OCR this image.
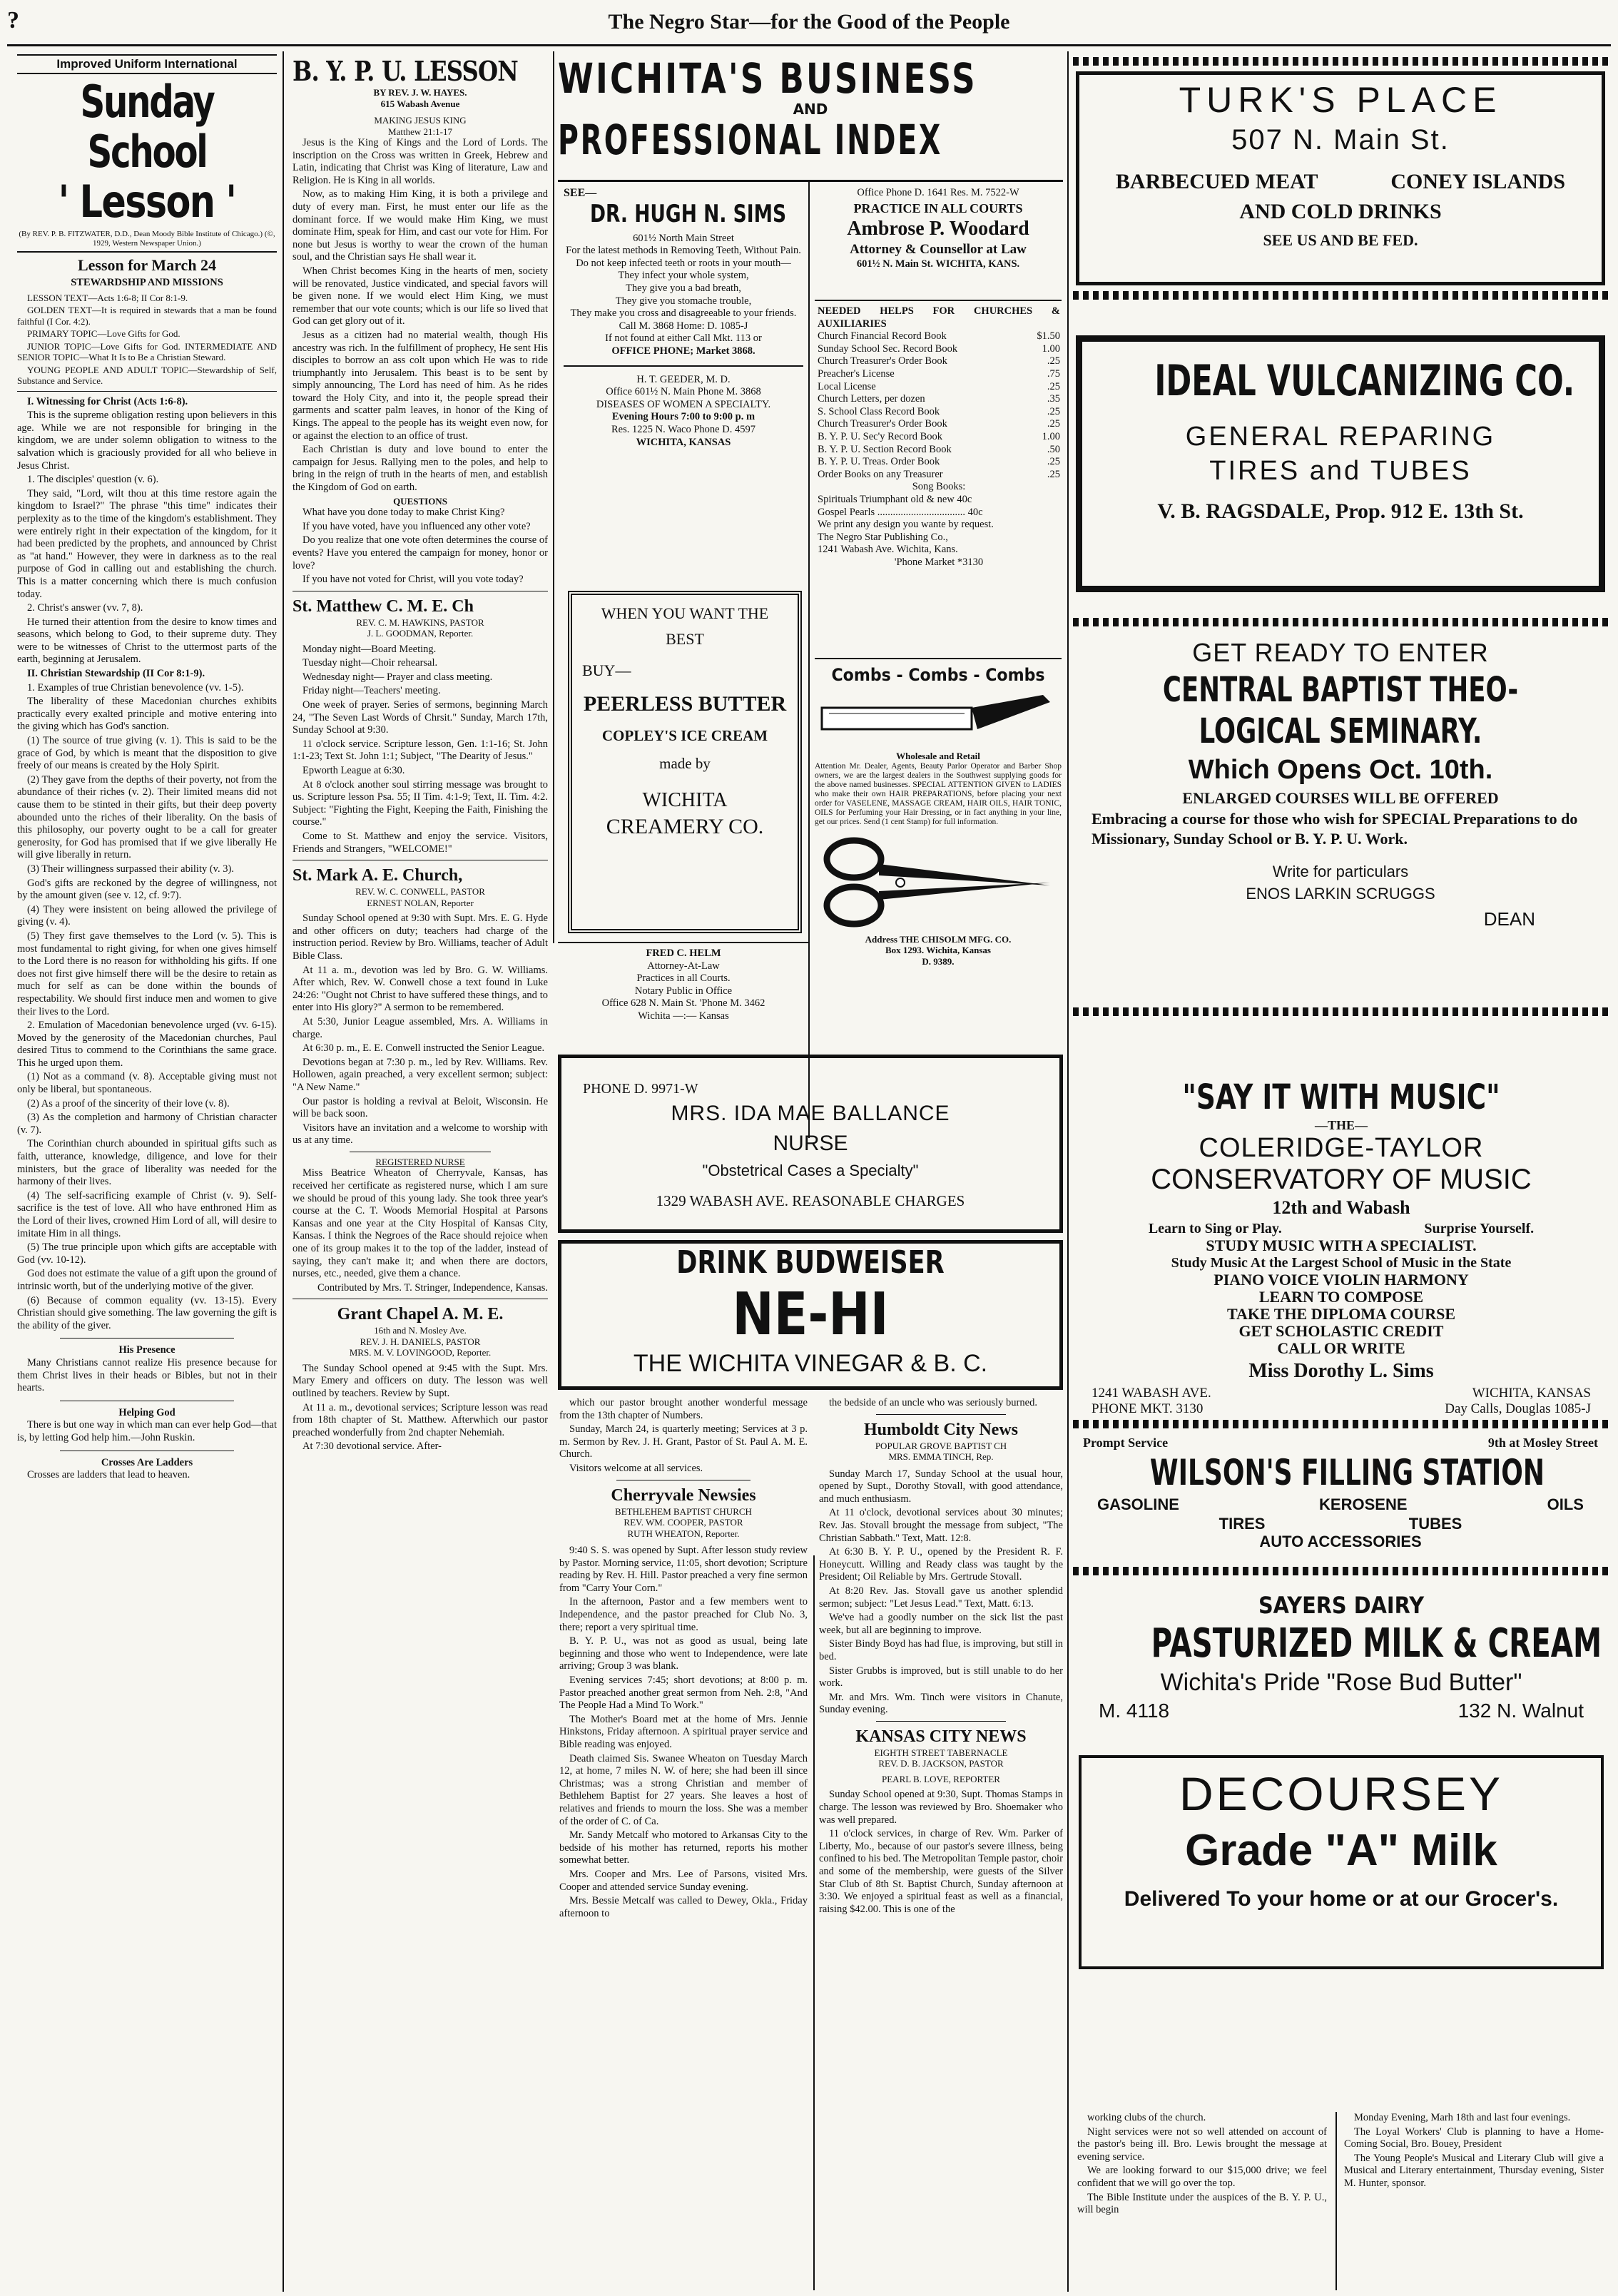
?	The Negro Star—for the Good of the People
Improved Uniform International
Sunday School
' Lesson '
(By REV. P. B. FITZWATER, D.D., Dean Moody Bible Institute of Chicago.) (©, 1929, Western Newspaper Union.)
Lesson for March 24
STEWARDSHIP AND MISSIONS

LESSON TEXT—Acts 1:6-8; II Cor 8:1-9.

GOLDEN TEXT—It is required in stewards that a man be found faithful (I Cor. 4:2).

PRIMARY TOPIC—Love Gifts for God.

JUNIOR TOPIC—Love Gifts for God. INTERMEDIATE AND SENIOR TOPIC—What It Is to Be a Christian Steward.

YOUNG PEOPLE AND ADULT TOPIC—Stewardship of Self, Substance and Service.

I. Witnessing for Christ (Acts 1:6-8).

This is the supreme obligation resting upon believers in this age. While we are not responsible for bringing in the kingdom, we are under solemn obligation to witness to the salvation which is graciously provided for all who believe in Jesus Christ.

1. The disciples' question (v. 6).

They said, "Lord, wilt thou at this time restore again the kingdom to Israel?" The phrase "this time" indicates their perplexity as to the time of the kingdom's establishment. They were entirely right in their expectation of the kingdom, for it had been predicted by the prophets, and announced by Christ as "at hand." However, they were in darkness as to the real purpose of God in calling out and establishing the church. This is a matter concerning which there is much confusion today.

2. Christ's answer (vv. 7, 8).

He turned their attention from the desire to know times and seasons, which belong to God, to their supreme duty. They were to be witnesses of Christ to the uttermost parts of the earth, beginning at Jerusalem.

II. Christian Stewardship (II Cor 8:1-9).

1. Examples of true Christian benevolence (vv. 1-5).

The liberality of these Macedonian churches exhibits practically every exalted principle and motive entering into the giving which has God's sanction.

(1) The source of true giving (v. 1). This is said to be the grace of God, by which is meant that the disposition to give freely of our means is created by the Holy Spirit.

(2) They gave from the depths of their poverty, not from the abundance of their riches (v. 2). Their limited means did not cause them to be stinted in their gifts, but their deep poverty abounded unto the riches of their liberality. On the basis of this philosophy, our poverty ought to be a call for greater generosity, for God has promised that if we give liberally He will give liberally in return.

(3) Their willingness surpassed their ability (v. 3).

God's gifts are reckoned by the degree of willingness, not by the amount given (see v. 12, cf. 9:7).

(4) They were insistent on being allowed the privilege of giving (v. 4).

(5) They first gave themselves to the Lord (v. 5). This is most fundamental to right giving, for when one gives himself to the Lord there is no reason for withholding his gifts. If one does not first give himself there will be the desire to retain as much for self as can be done within the bounds of respectability. We should first induce men and women to give their lives to the Lord.

2. Emulation of Macedonian benevolence urged (vv. 6-15). Moved by the generosity of the Macedonian churches, Paul desired Titus to commend to the Corinthians the same grace. This he urged upon them.

(1) Not as a command (v. 8). Acceptable giving must not only be liberal, but spontaneous.

(2) As a proof of the sincerity of their love (v. 8).

(3) As the completion and harmony of Christian character (v. 7).

The Corinthian church abounded in spiritual gifts such as faith, utterance, knowledge, diligence, and love for their ministers, but the grace of liberality was needed for the harmony of their lives.

(4) The self-sacrificing example of Christ (v. 9). Self-sacrifice is the test of love. All who have enthroned Him as the Lord of their lives, crowned Him Lord of all, will desire to imitate Him in all things.

(5) The true principle upon which gifts are acceptable with God (vv. 10-12).

God does not estimate the value of a gift upon the ground of intrinsic worth, but of the underlying motive of the giver.

(6) Because of common equality (vv. 13-15). Every Christian should give something. The law governing the gift is the ability of the giver.

His Presence

Many Christians cannot realize His presence because for them Christ lives in their heads or Bibles, but not in their hearts.

Helping God

There is but one way in which man can ever help God—that is, by letting God help him.—John Ruskin.

Crosses Are Ladders

Crosses are ladders that lead to heaven.

B. Y. P. U. LESSON
BY REV. J. W. HAYES.
615 Wabash Avenue
MAKING JESUS KING
Matthew 21:1-17

Jesus is the King of Kings and the Lord of Lords. The inscription on the Cross was written in Greek, Hebrew and Latin, indicating that Christ was King of literature, Law and Religion. He is King in all worlds.

Now, as to making Him King, it is both a privilege and duty of every man. First, he must enter our life as the dominant force. If we would make Him King, we must dominate Him, speak for Him, and cast our vote for Him. For none but Jesus is worthy to wear the crown of the human soul, and the Christian says He shall wear it.

When Christ becomes King in the hearts of men, society will be renovated, Justice vindicated, and special favors will be given none. If we would elect Him King, we must remember that our vote counts; which is our life so lived that God can get glory out of it.

Jesus as a citizen had no material wealth, though His ancestry was rich. In the fulfillment of prophecy, He sent His disciples to borrow an ass colt upon which He was to ride triumphantly into Jerusalem. This beast is to be sent by simply announcing, The Lord has need of him. As he rides toward the Holy City, and into it, the people spread their garments and scatter palm leaves, in honor of the King of Kings. The appeal to the people has its weight even now, for or against the election to an office of trust.

Each Christian is duty and love bound to enter the campaign for Jesus. Rallying men to the poles, and help to bring in the reign of truth in the hearts of men, and establish the Kingdom of God on earth.

QUESTIONS

What have you done today to make Christ King?

If you have voted, have you influenced any other vote?

Do you realize that one vote often determines the course of events? Have you entered the campaign for money, honor or love?

If you have not voted for Christ, will you vote today?

St. Matthew C. M. E. Ch
REV. C. M. HAWKINS, PASTOR
J. L. GOODMAN, Reporter.

Monday night—Board Meeting.

Tuesday night—Choir rehearsal.

Wednesday night— Prayer and class meeting.

Friday night—Teachers' meeting.

One week of prayer. Series of sermons, beginning March 24, "The Seven Last Words of Chrsit." Sunday, March 17th, Sunday School at 9:30.

11 o'clock service. Scripture lesson, Gen. 1:1-16; St. John 1:1-23; Text St. John 1:1; Subject, "The Dearity of Jesus."

Epworth League at 6:30.

At 8 o'clock another soul stirring message was brought to us. Scripture lesson Psa. 55; II Tim. 4:1-9; Text, II. Tim. 4:2. Subject: "Fighting the Fight, Keeping the Faith, Finishing the course."

Come to St. Matthew and enjoy the service. Visitors, Friends and Strangers, "WELCOME!"

St. Mark A. E. Church,
REV. W. C. CONWELL, PASTOR
ERNEST NOLAN, Reporter

Sunday School opened at 9:30 with Supt. Mrs. E. G. Hyde and other officers on duty; teachers had charge of the instruction period. Review by Bro. Williams, teacher of Adult Bible Class.

At 11 a. m., devotion was led by Bro. G. W. Williams. After which, Rev. W. Conwell chose a text found in Luke 24:26: "Ought not Christ to have suffered these things, and to enter into His glory?" A sermon to be remembered.

At 5:30, Junior League assembled, Mrs. A. Williams in charge.

At 6:30 p. m., E. E. Conwell instructed the Senior League.

Devotions began at 7:30 p. m., led by Rev. Williams. Rev. Hollowen, again preached, a very excellent sermon; subject: "A New Name."

Our pastor is holding a revival at Beloit, Wisconsin. He will be back soon.

Visitors have an invitation and a welcome to worship with us at any time.

REGISTERED NURSE

Miss Beatrice Wheaton of Cherryvale, Kansas, has received her certificate as registered nurse, which I am sure we should be proud of this young lady. She took three year's course at the C. T. Woods Memorial Hospital at Parsons Kansas and one year at the City Hospital of Kansas City, Kansas. I think the Negroes of the Race should rejoice when one of its group makes it to the top of the ladder, instead of saying, they can't make it; and when there are doctors, nurses, etc., needed, give them a chance.

Contributed by Mrs. T. Stringer, Independence, Kansas.

Grant Chapel A. M. E.
16th and N. Mosley Ave.
REV. J. H. DANIELS, PASTOR
MRS. M. V. LOVINGOOD, Reporter.

The Sunday School opened at 9:45 with the Supt. Mrs. Mary Emery and officers on duty. The lesson was well outlined by teachers. Review by Supt.

At 11 a. m., devotional services; Scripture lesson was read from 18th chapter of St. Matthew. Afterwhich our pastor preached wonderfully from 2nd chapter Nehemiah.

At 7:30 devotional service. After-

WICHITA'S BUSINESS
AND
PROFESSIONAL INDEX
SEE—
DR. HUGH N. SIMS
601½ North Main Street
For the latest methods in Removing Teeth, Without Pain.
Do not keep infected teeth or roots in your mouth—
They infect your whole system,
They give you a bad breath,
They give you stomache trouble,
They make you cross and disagreeable to your friends.
Call M. 3868 Home: D. 1085-J
If not found at either Call Mkt. 113 or
OFFICE PHONE; Market 3868.
H. T. GEEDER, M. D.
Office 601½ N. Main Phone M. 3868
DISEASES OF WOMEN A SPECIALTY.
Evening Hours 7:00 to 9:00 p. m
Res. 1225 N. Waco Phone D. 4597
WICHITA, KANSAS
Office Phone D. 1641 Res. M. 7522-W
PRACTICE IN ALL COURTS
Ambrose P. Woodard
Attorney & Counsellor at Law
601½ N. Main St. WICHITA, KANS.
NEEDED HELPS FOR CHURCHES & AUXILIARIES
Church Financial Record Book	$1.50
Sunday School Sec. Record Book	1.00
Church Treasurer's Order Book	.25
Preacher's License	.75
Local License	.25
Church Letters, per dozen	.35
S. School Class Record Book	.25
Church Treasurer's Order Book	.25
B. Y. P. U. Sec'y Record Book	1.00
B. Y. P. U. Section Record Book	.50
B. Y. P. U. Treas. Order Book	.25
Order Books on any Treasurer	.25
Song Books:
Spirituals Triumphant old & new 40c
Gospel Pearls .................................. 40c
We print any design you wante by request.
The Negro Star Publishing Co.,
1241 Wabash Ave. Wichita, Kans.
'Phone Market *3130
WHEN YOU WANT THE
BEST
BUY—
PEERLESS BUTTER
COPLEY'S ICE CREAM
made by
WICHITA
CREAMERY CO.
Combs - Combs - Combs
Wholesale and Retail
Attention Mr. Dealer, Agents, Beauty Parlor Operator and Barber Shop owners, we are the largest dealers in the Southwest supplying goods for the above named businesses. SPECIAL ATTENTION GIVEN to LADIES who make their own HAIR PREPARATIONS, before placing your next order for VASELENE, MASSAGE CREAM, HAIR OILS, HAIR TONIC, OILS for Perfuming your Hair Dressing, or in fact anything in your line, get our prices. Send (1 cent Stamp) for full information.
Address THE CHISOLM MFG. CO.
Box 1293. Wichita, Kansas
D. 9389.
FRED C. HELM
Attorney-At-Law
Practices in all Courts.
Notary Public in Office
Office 628 N. Main St. 'Phone M. 3462
Wichita —:— Kansas
PHONE D. 9971-W
MRS. IDA MAE BALLANCE
NURSE
"Obstetrical Cases a Specialty"
1329 WABASH AVE. REASONABLE CHARGES
DRINK BUDWEISER
NE-HI
THE WICHITA VINEGAR & B. C.

which our pastor brought another wonderful message from the 13th chapter of Numbers.

Sunday, March 24, is quarterly meeting; Services at 3 p. m. Sermon by Rev. J. H. Grant, Pastor of St. Paul A. M. E. Church.

Visitors welcome at all services.

Cherryvale Newsies
BETHLEHEM BAPTIST CHURCH
REV. WM. COOPER, PASTOR
RUTH WHEATON, Reporter.

9:40 S. S. was opened by Supt. After lesson study review by Pastor. Morning service, 11:05, short devotion; Scripture reading by Rev. H. Hill. Pastor preached a very fine sermon from "Carry Your Corn."

In the afternoon, Pastor and a few members went to Independence, and the pastor preached for Club No. 3, there; report a very spiritual time.

B. Y. P. U., was not as good as usual, being late beginning and those who went to Independence, were late arriving; Group 3 was blank.

Evening services 7:45; short devotions; at 8:00 p. m. Pastor preached another great sermon from Neh. 2:8, "And The People Had a Mind To Work."

The Mother's Board met at the home of Mrs. Jennie Hinkstons, Friday afternoon. A spiritual prayer service and Bible reading was enjoyed.

Death claimed Sis. Swanee Wheaton on Tuesday March 12, at home, 7 miles N. W. of here; she had been ill since Christmas; was a strong Christian and member of Bethlehem Baptist for 27 years. She leaves a host of relatives and friends to mourn the loss. She was a member of the order of C. of Ca.

Mr. Sandy Metcalf who motored to Arkansas City to the bedside of his mother has returned, reports his mother somewhat better.

Mrs. Cooper and Mrs. Lee of Parsons, visited Mrs. Cooper and attended service Sunday evening.

Mrs. Bessie Metcalf was called to Dewey, Okla., Friday afternoon to

the bedside of an uncle who was seriously burned.

Humboldt City News
POPULAR GROVE BAPTIST CH
MRS. EMMA TINCH, Rep.

Sunday March 17, Sunday School at the usual hour, opened by Supt., Dorothy Stovall, with good attendance, and much enthusiasm.

At 11 o'clock, devotional services about 30 minutes; Rev. Jas. Stovall brought the message from subject, "The Christian Sabbath." Text, Matt. 12:8.

At 6:30 B. Y. P. U., opened by the President R. F. Honeycutt. Willing and Ready class was taught by the President; Oil Reliable by Mrs. Gertrude Stovall.

At 8:20 Rev. Jas. Stovall gave us another splendid sermon; subject: "Let Jesus Lead." Text, Matt. 6:13.

We've had a goodly number on the sick list the past week, but all are beginning to improve.

Sister Bindy Boyd has had flue, is improving, but still in bed.

Sister Grubbs is improved, but is still unable to do her work.

Mr. and Mrs. Wm. Tinch were visitors in Chanute, Sunday evening.

KANSAS CITY NEWS
EIGHTH STREET TABERNACLE
REV. D. B. JACKSON, PASTOR
PEARL B. LOVE, REPORTER

Sunday School opened at 9:30, Supt. Thomas Stamps in charge. The lesson was reviewed by Bro. Shoemaker who was well prepared.

11 o'clock services, in charge of Rev. Wm. Parker of Liberty, Mo., because of our pastor's severe illness, being confined to his bed. The Metropolitan Temple pastor, choir and some of the membership, were guests of the Silver Star Club of 8th St. Baptist Church, Sunday afternoon at 3:30. We enjoyed a spiritual feast as well as a financial, raising $42.00. This is one of the

TURK'S PLACE
507 N. Main St.
BARBECUED MEAT	CONEY ISLANDS
AND COLD DRINKS
SEE US AND BE FED.
IDEAL VULCANIZING CO.
GENERAL REPARING
TIRES and TUBES
V. B. RAGSDALE, Prop. 912 E. 13th St.
GET READY TO ENTER
CENTRAL BAPTIST THEO-
LOGICAL SEMINARY.
Which Opens Oct. 10th.
ENLARGED COURSES WILL BE OFFERED
Embracing a course for those who wish for SPECIAL Preparations to do Missionary, Sunday School or B. Y. P. U. Work.
Write for particulars
ENOS LARKIN SCRUGGS
DEAN
"SAY IT WITH MUSIC"
—THE—
COLERIDGE-TAYLOR
CONSERVATORY OF MUSIC
12th and Wabash
Learn to Sing or Play.	Surprise Yourself.
STUDY MUSIC WITH A SPECIALIST.
Study Music At the Largest School of Music in the State
PIANO VOICE VIOLIN HARMONY
LEARN TO COMPOSE
TAKE THE DIPLOMA COURSE
GET SCHOLASTIC CREDIT
CALL OR WRITE
Miss Dorothy L. Sims
1241 WABASH AVE.	WICHITA, KANSAS
PHONE MKT. 3130	Day Calls, Douglas 1085-J
Prompt Service	9th at Mosley Street
WILSON'S FILLING STATION
GASOLINE	KEROSENE	OILS
TIRES	TUBES
AUTO ACCESSORIES
SAYERS DAIRY
PASTURIZED MILK & CREAM
Wichita's Pride "Rose Bud Butter"
M. 4118	132 N. Walnut
DECOURSEY
Grade "A" Milk
Delivered To your home or at our Grocer's.

working clubs of the church.

Night services were not so well attended on account of the pastor's being ill. Bro. Lewis brought the message at evening service.

We are looking forward to our $15,000 drive; we feel confident that we will go over the top.

The Bible Institute under the auspices of the B. Y. P. U., will begin

Monday Evening, Marh 18th and last four evenings.

The Loyal Workers' Club is planning to have a Home-Coming Social, Bro. Bouey, President

The Young People's Musical and Literary Club will give a Musical and Literary entertainment, Thursday evening, Sister M. Hunter, sponsor.
